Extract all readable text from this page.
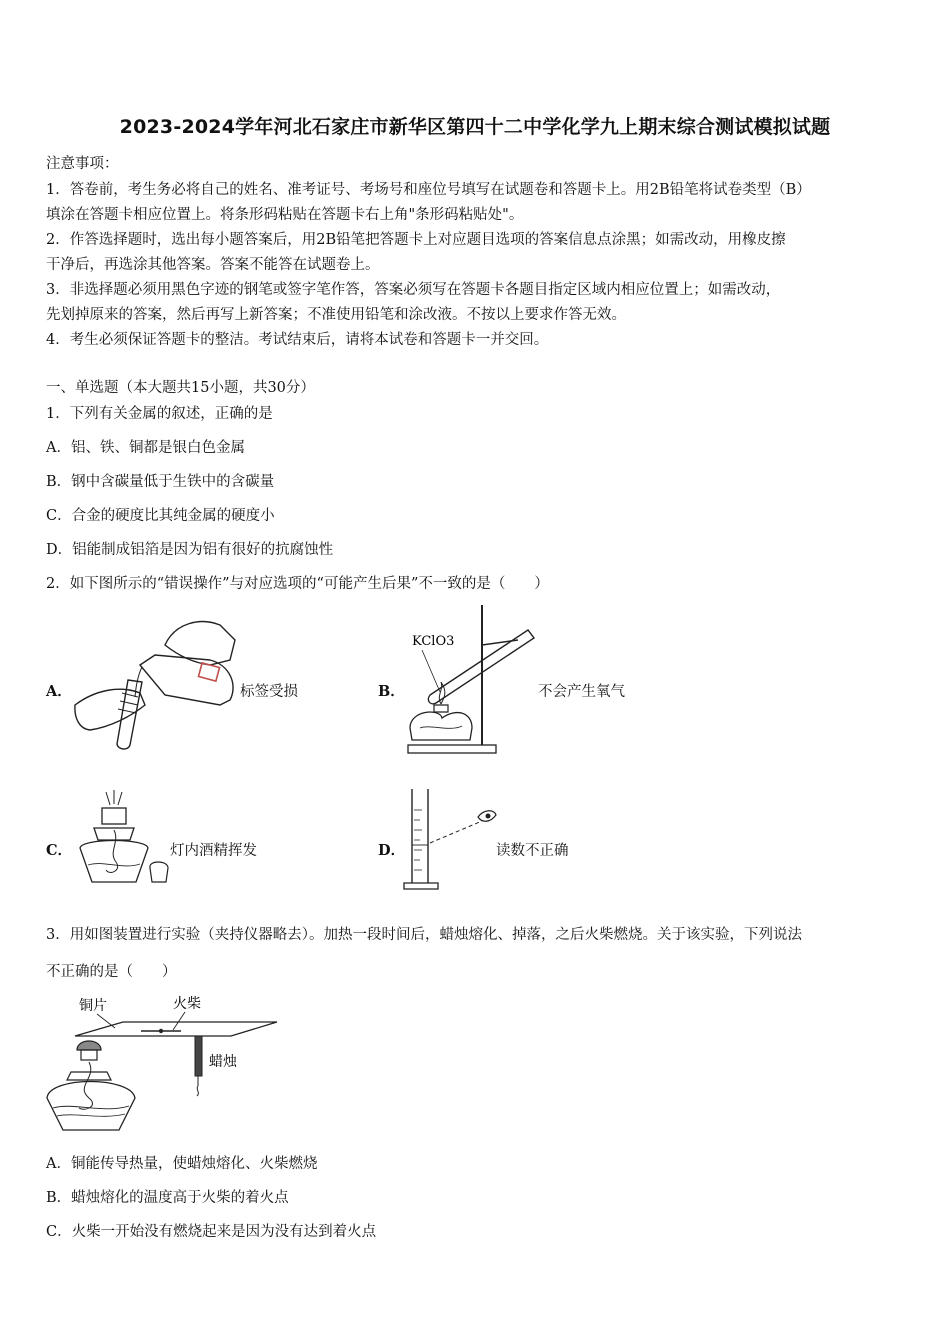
2023-2024学年河北石家庄市新华区第四十二中学化学九上期末综合测试模拟试题
注意事项：
1．答卷前，考生务必将自己的姓名、准考证号、考场号和座位号填写在试题卷和答题卡上。用2B铅笔将试卷类型（B）
填涂在答题卡相应位置上。将条形码粘贴在答题卡右上角"条形码粘贴处"。
2．作答选择题时，选出每小题答案后，用2B铅笔把答题卡上对应题目选项的答案信息点涂黑；如需改动，用橡皮擦
干净后，再选涂其他答案。答案不能答在试题卷上。
3．非选择题必须用黑色字迹的钢笔或签字笔作答，答案必须写在答题卡各题目指定区域内相应位置上；如需改动，
先划掉原来的答案，然后再写上新答案；不准使用铅笔和涂改液。不按以上要求作答无效。
4．考生必须保证答题卡的整洁。考试结束后，请将本试卷和答题卡一并交回。
一、单选题（本大题共15小题，共30分）
1．下列有关金属的叙述，正确的是
A．铝、铁、铜都是银白色金属
B．钢中含碳量低于生铁中的含碳量
C．合金的硬度比其纯金属的硬度小
D．铝能制成铝箔是因为铝有很好的抗腐蚀性
2．如下图所示的“错误操作”与对应选项的“可能产生后果”不一致的是（　　）
A．	标签受损	B．	不会产生氧气
C．	灯内酒精挥发	D．	读数不正确
KClO3
3．用如图装置进行实验（夹持仪器略去）。加热一段时间后，蜡烛熔化、掉落，之后火柴燃烧。关于该实验，下列说法
不正确的是（　　）
铜片	火柴
蜡烛
A．铜能传导热量，使蜡烛熔化、火柴燃烧
B．蜡烛熔化的温度高于火柴的着火点
C．火柴一开始没有燃烧起来是因为没有达到着火点
